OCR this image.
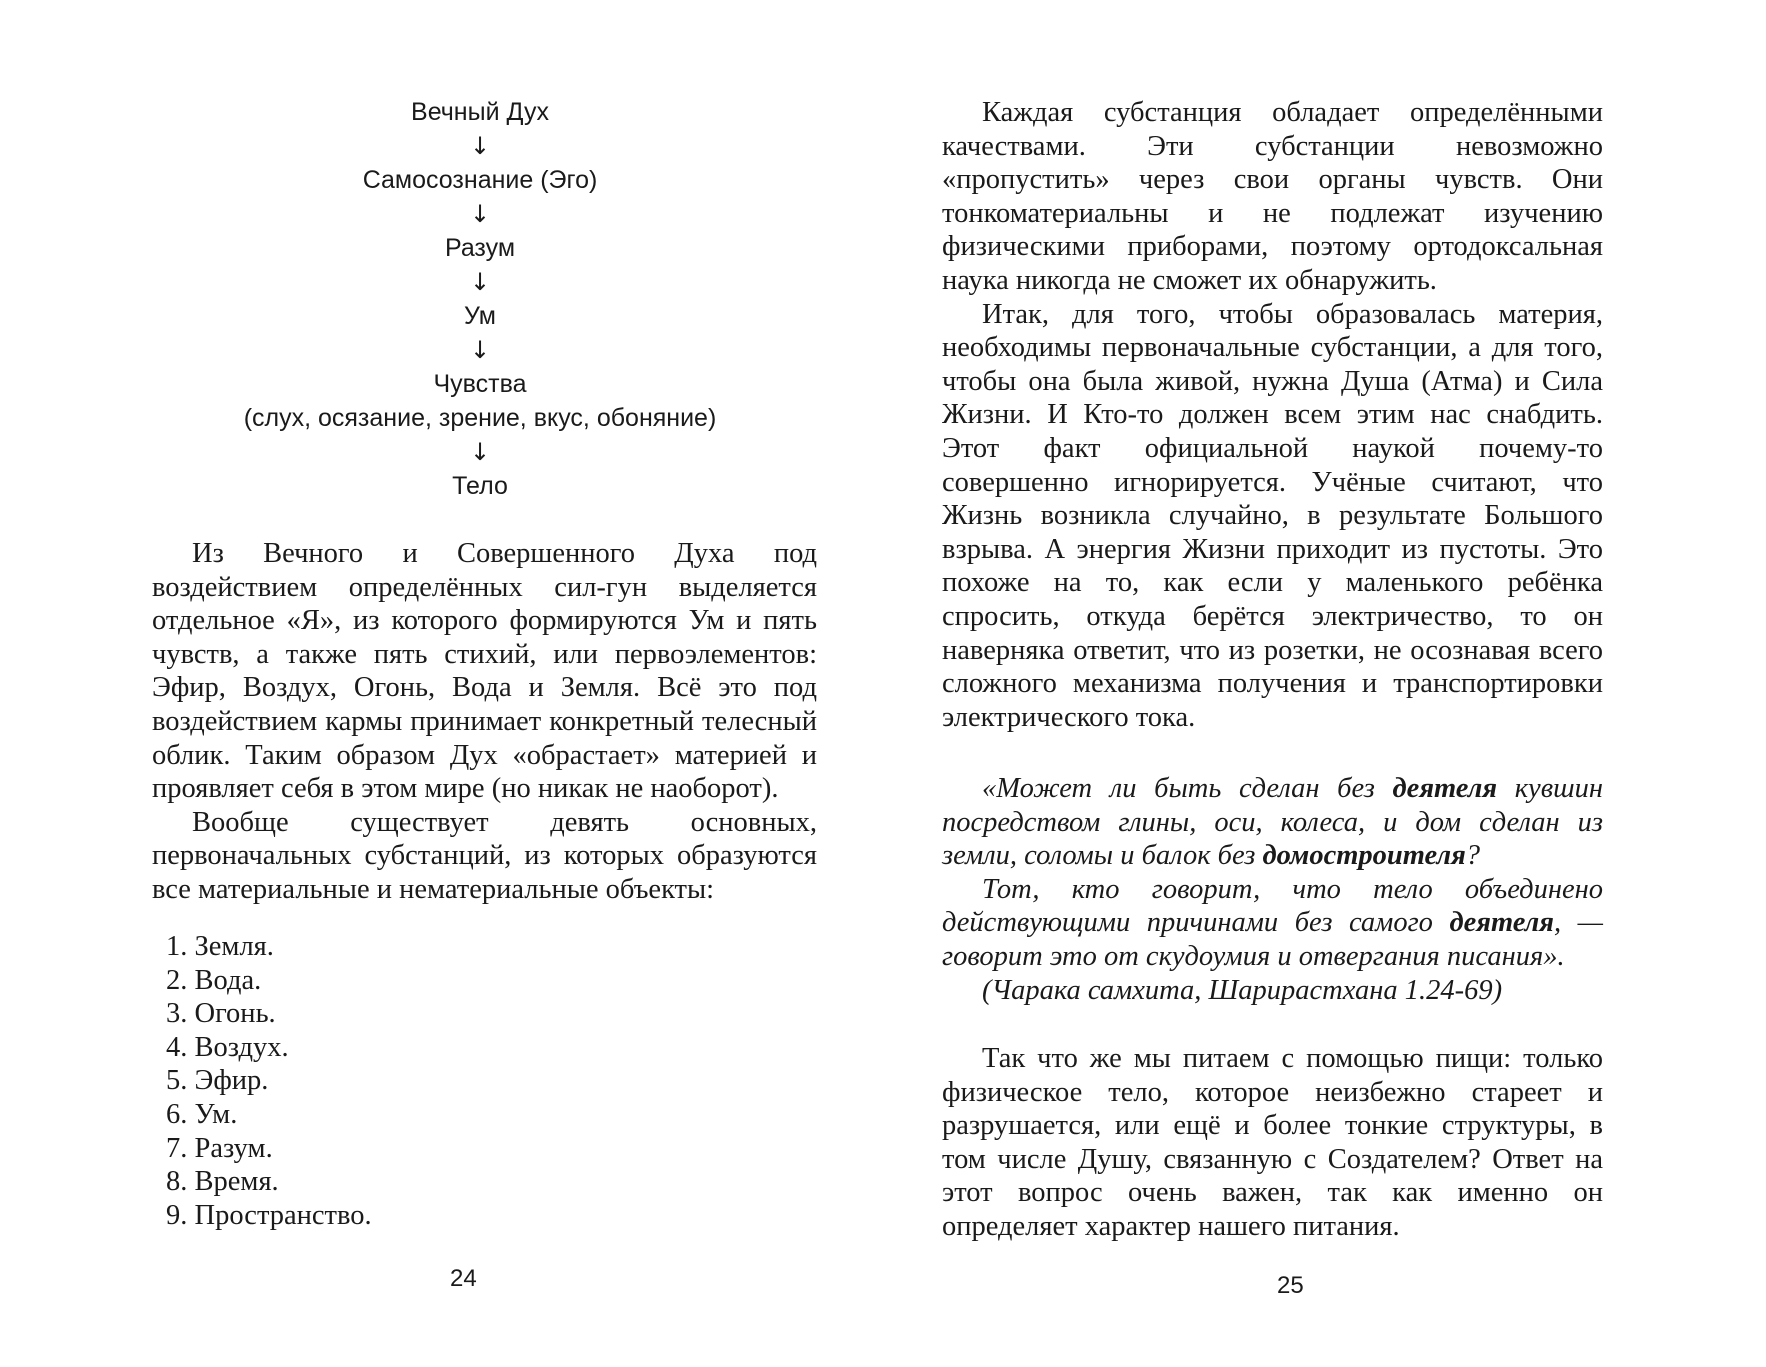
Вечный Дух
↓
Самосознание (Эго)
↓
Разум
↓
Ум
↓
Чувства
(слух, осязание, зрение, вкус, обоняние)
↓
Тело

Из Вечного и Совершенного Духа под воздействием определённых сил-гун выделяется отдельное «Я», из которого формируются Ум и пять чувств, а также пять стихий, или первоэлементов: Эфир, Воздух, Огонь, Вода и Земля. Всё это под воздействием кармы принимает конкретный телесный облик. Таким образом Дух «обрастает» материей и проявляет себя в этом мире (но никак не наоборот).

Вообще существует девять основных, первоначальных субстанций, из которых образуются все материальные и нематериальные объекты:

1. Земля.
2. Вода.
3. Огонь.
4. Воздух.
5. Эфир.
6. Ум.
7. Разум.
8. Время.
9. Пространство.
24

Каждая субстанция обладает определёнными качествами. Эти субстанции невозможно «пропустить» через свои органы чувств. Они тонкоматериальны и не подлежат изучению физическими приборами, поэтому ортодоксальная наука никогда не сможет их обнаружить.

Итак, для того, чтобы образовалась материя, необходимы первоначальные субстанции, а для того, чтобы она была живой, нужна Душа (Атма) и Сила Жизни. И Кто-то должен всем этим нас снабдить. Этот факт официальной наукой почему-то совершенно игнорируется. Учёные считают, что Жизнь возникла случайно, в результате Большого взрыва. А энергия Жизни приходит из пустоты. Это похоже на то, как если у маленького ребёнка спросить, откуда берётся электричество, то он наверняка ответит, что из розетки, не осознавая всего сложного механизма получения и транспортировки электрического тока.

«Может ли быть сделан без деятеля кувшин посредством глины, оси, колеса, и дом сделан из земли, соломы и балок без домостроителя?

Тот, кто говорит, что тело объединено действующими причинами без самого деятеля, — говорит это от скудоумия и отвергания писания».

(Чарака самхита, Шарирастхана 1.24-69)

Так что же мы питаем с помощью пищи: только физическое тело, которое неизбежно стареет и разрушается, или ещё и более тонкие структуры, в том числе Душу, связанную с Создателем? Ответ на этот вопрос очень важен, так как именно он определяет характер нашего питания.

25
